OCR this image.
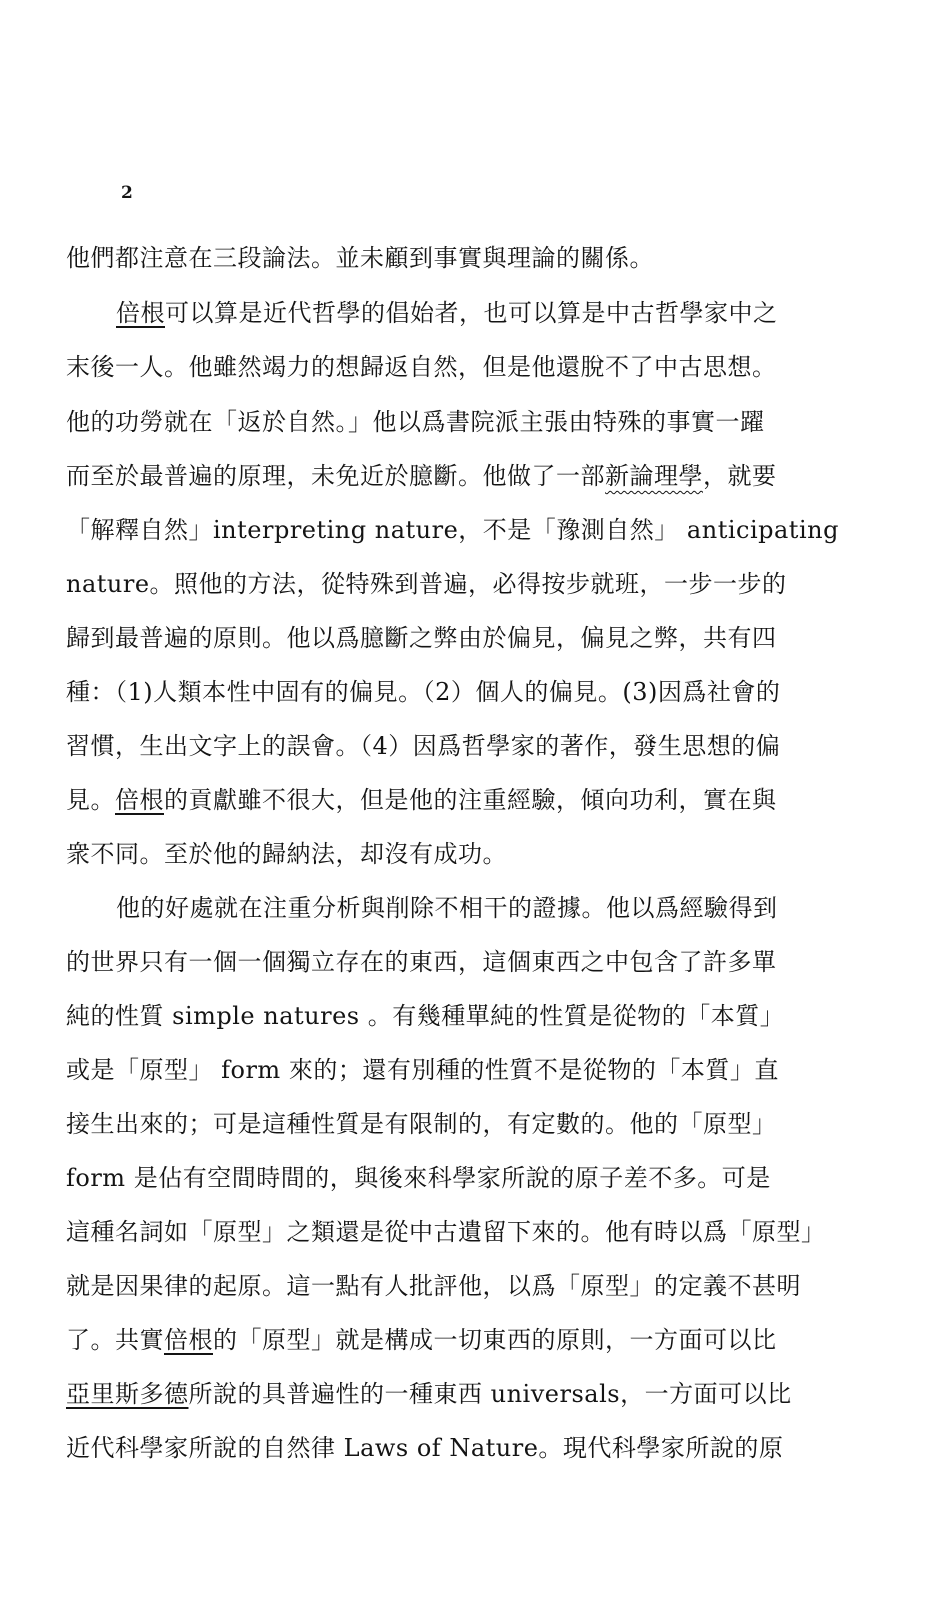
2
他們都注意在三段論法。並未顧到事實與理論的關係。
倍根可以算是近代哲學的倡始者，也可以算是中古哲學家中之
末後一人。他雖然竭力的想歸返自然，但是他還脫不了中古思想。
他的功勞就在「返於自然。」他以爲書院派主張由特殊的事實一躍
而至於最普遍的原理，未免近於臆斷。他做了一部新論理學，就要
「解釋自然」interpreting nature，不是「豫測自然」 anticipating
nature。照他的方法，從特殊到普遍，必得按步就班，一步一步的
歸到最普遍的原則。他以爲臆斷之弊由於偏見，偏見之弊，共有四
種：（1)人類本性中固有的偏見。（2）個人的偏見。(3)因爲社會的
習慣，生出文字上的誤會。（4）因爲哲學家的著作，發生思想的偏
見。倍根的貢獻雖不很大，但是他的注重經驗，傾向功利，實在與
衆不同。至於他的歸納法，却沒有成功。
他的好處就在注重分析與削除不相干的證據。他以爲經驗得到
的世界只有一個一個獨立存在的東西，這個東西之中包含了許多單
純的性質 simple natures 。有幾種單純的性質是從物的「本質」
或是「原型」 form 來的；還有別種的性質不是從物的「本質」直
接生出來的；可是這種性質是有限制的，有定數的。他的「原型」
form 是佔有空間時間的，與後來科學家所說的原子差不多。可是
這種名詞如「原型」之類還是從中古遺留下來的。他有時以爲「原型」
就是因果律的起原。這一點有人批評他，以爲「原型」的定義不甚明
了。共實倍根的「原型」就是構成一切東西的原則，一方面可以比
亞里斯多德所說的具普遍性的一種東西 universals，一方面可以比
近代科學家所說的自然律 Laws of Nature。現代科學家所說的原
